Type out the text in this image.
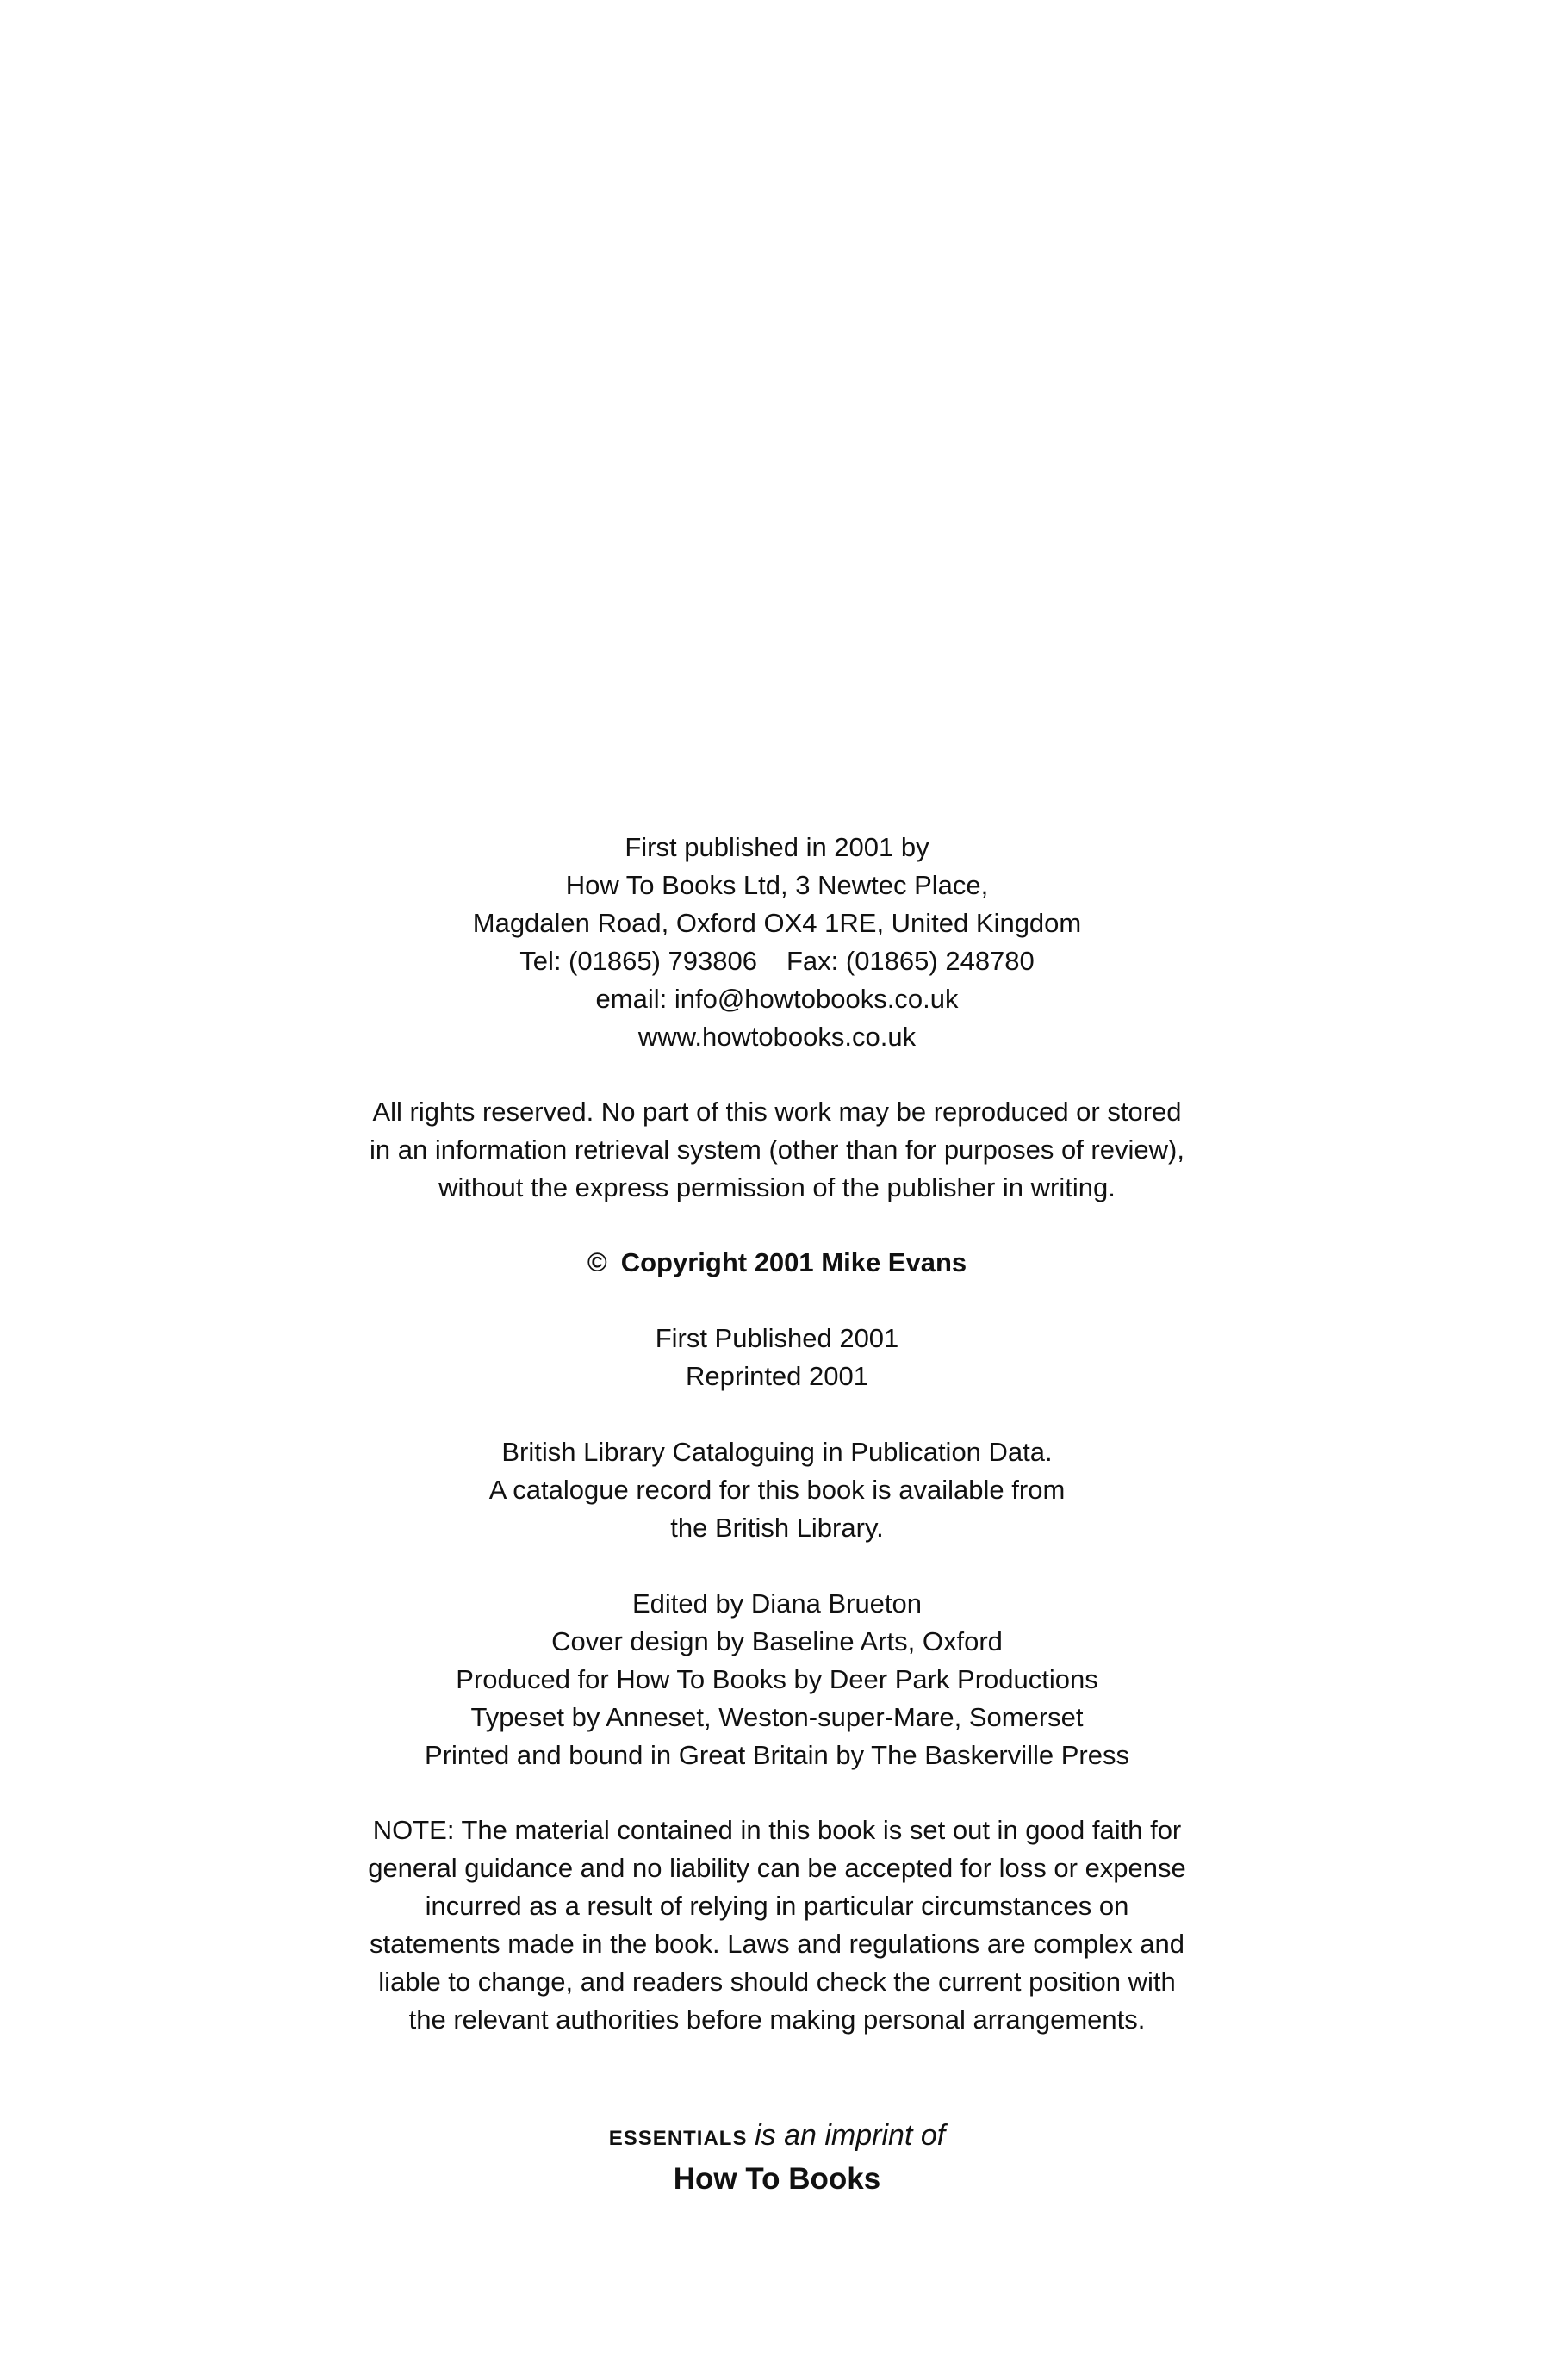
First published in 2001 by
How To Books Ltd, 3 Newtec Place,
Magdalen Road, Oxford OX4 1RE, United Kingdom
Tel: (01865) 793806 Fax: (01865) 248780
email: info@howtobooks.co.uk
www.howtobooks.co.uk
All rights reserved. No part of this work may be reproduced or stored
in an information retrieval system (other than for purposes of review),
without the express permission of the publisher in writing.
© Copyright 2001 Mike Evans
First Published 2001
Reprinted 2001
British Library Cataloguing in Publication Data.
A catalogue record for this book is available from
the British Library.
Edited by Diana Brueton
Cover design by Baseline Arts, Oxford
Produced for How To Books by Deer Park Productions
Typeset by Anneset, Weston-super-Mare, Somerset
Printed and bound in Great Britain by The Baskerville Press
NOTE: The material contained in this book is set out in good faith for
general guidance and no liability can be accepted for loss or expense
incurred as a result of relying in particular circumstances on
statements made in the book. Laws and regulations are complex and
liable to change, and readers should check the current position with
the relevant authorities before making personal arrangements.
ESSENTIALS is an imprint of
How To Books
